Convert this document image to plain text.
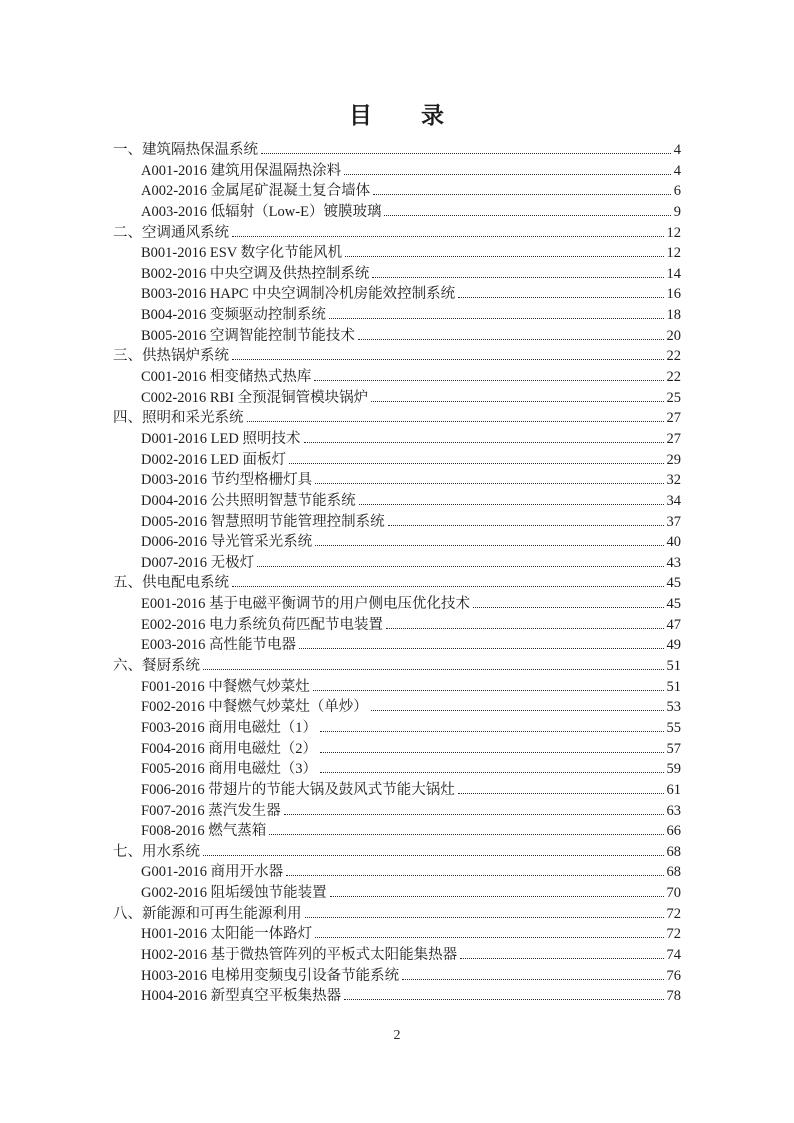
目　　录
一、建筑隔热保温系统	4
A001-2016 建筑用保温隔热涂料	4
A002-2016 金属尾矿混凝土复合墙体	6
A003-2016 低辐射（Low-E）镀膜玻璃	9
二、空调通风系统	12
B001-2016 ESV 数字化节能风机	12
B002-2016 中央空调及供热控制系统	14
B003-2016 HAPC 中央空调制冷机房能效控制系统	16
B004-2016 变频驱动控制系统	18
B005-2016 空调智能控制节能技术	20
三、供热锅炉系统	22
C001-2016 相变储热式热库	22
C002-2016 RBI 全预混铜管模块锅炉	25
四、照明和采光系统	27
D001-2016 LED 照明技术	27
D002-2016 LED 面板灯	29
D003-2016 节约型格栅灯具	32
D004-2016 公共照明智慧节能系统	34
D005-2016 智慧照明节能管理控制系统	37
D006-2016 导光管采光系统	40
D007-2016 无极灯	43
五、供电配电系统	45
E001-2016 基于电磁平衡调节的用户侧电压优化技术	45
E002-2016 电力系统负荷匹配节电装置	47
E003-2016 高性能节电器	49
六、餐厨系统	51
F001-2016 中餐燃气炒菜灶	51
F002-2016 中餐燃气炒菜灶（单炒）	53
F003-2016 商用电磁灶（1）	55
F004-2016 商用电磁灶（2）	57
F005-2016 商用电磁灶（3）	59
F006-2016 带翅片的节能大锅及鼓风式节能大锅灶	61
F007-2016 蒸汽发生器	63
F008-2016 燃气蒸箱	66
七、用水系统	68
G001-2016 商用开水器	68
G002-2016 阻垢缓蚀节能装置	70
八、新能源和可再生能源利用	72
H001-2016 太阳能一体路灯	72
H002-2016 基于微热管阵列的平板式太阳能集热器	74
H003-2016 电梯用变频曳引设备节能系统	76
H004-2016 新型真空平板集热器	78
2
